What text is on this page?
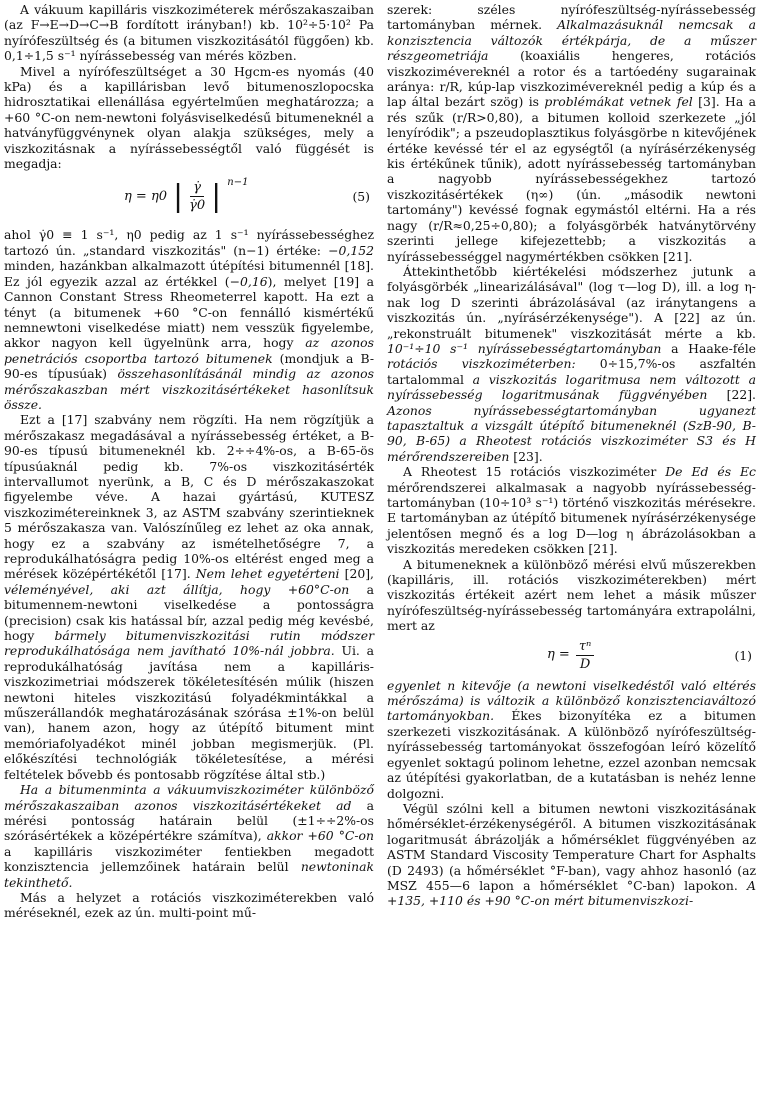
A vákuum kapilláris viszkoziméterek mérőszakaszaiban (az F→E→D→C→B fordított irányban!) kb. 10²÷5·10² Pa nyírófeszültség és (a bitumen viszkozitásától függően) kb. 0,1÷1,5 s⁻¹ nyírássebesség van mérés közben.

Mivel a nyírófeszültséget a 30 Hgcm-es nyomás (40 kPa) és a kapillárisban levő bitumenoszlopocska hidrosztatikai ellenállása egyértelműen meghatározza; a +60 °C-on nem-newtoni folyásviselkedésű bitumeneknél a hatványfüggvénynek olyan alakja szükséges, mely a viszkozitásnak a nyírássebességtől való függését is megadja:

η = η0 | $\frac{\gammȧ}{\gammȧ0}$ | $^{n-1}$
(5)

ahol γ̇0 ≡ 1 s⁻¹, η0 pedig az 1 s⁻¹ nyírássebességhez tartozó ún. „standard viszkozitás" (n−1) értéke: −0,152 minden, hazánkban alkalmazott útépítési bitumennél [18]. Ez jól egyezik azzal az értékkel (−0,16), melyet [19] a Cannon Constant Stress Rheometerrel kapott. Ha ezt a tényt (a bitumenek +60 °C-on fennálló kismértékű nemnewtoni viselkedése miatt) nem vesszük figyelembe, akkor nagyon kell ügyelnünk arra, hogy az azonos penetrációs csoportba tartozó bitumenek (mondjuk a B-90-es típusúak) összehasonlításánál mindig az azonos mérőszakaszban mért viszkozitásértékeket hasonlítsuk össze.

Ezt a [17] szabvány nem rögzíti. Ha nem rögzítjük a mérőszakasz megadásával a nyírássebesség értéket, a B-90-es típusú bitumeneknél kb. 2÷÷4%-os, a B-65-ös típusúaknál pedig kb. 7%-os viszkozitásérték intervallumot nyerünk, a B, C és D mérőszakaszokat figyelembe véve. A hazai gyártású, KUTESZ viszkoziméterei​nknek 3, az ASTM szabvány szerintieknek 5 mérőszakasza van. Valószínűleg ez lehet az oka annak, hogy ez a szabvány az ismételhetőségre 7, a reprodukálhatóságra pedig 10%-os eltérést enged meg a mérések középértékétől [17]. Nem lehet egyetérteni [20], véleményével, aki azt állítja, hogy +60°C-on a bitumennem-newtoni viselkedése a pontosságra (precision) csak kis hatással bír, azzal pedig még kevésbé, hogy bármely bitumenviszkozitási rutin módszer reprodukálhatósága nem javítható 10%-nál jobbra. Ui. a reprodukálhatóság javítása nem a kapilláris-viszkozimetriai módszerek tökéletesítésén múlik (hiszen newtoni hiteles viszkozitású folyadékmintákkal a műszerállandók meghatározásának szórása ±1%-on belül van), hanem azon, hogy az útépítő bitument mint memóriafolyadékot minél jobban megismerjük. (Pl. előkészítési technológiák tökéletesítése, a mérési feltételek bővebb és pontosabb rögzítése által stb.)

Ha a bitumenminta a vákuumviszkoziméter különböző mérőszakaszaiban azonos viszkozitásértékeket ad a mérési pontosság határain belül (±1÷÷2%-os szórásértékek a középértékre számítva), akkor +60 °C-on a kapilláris viszkoziméter fentiekben megadott konzisztencia jellemzőinek határain belül newtoninak tekinthető.

Más a helyzet a rotációs viszkoziméterekben való méréseknél, ezek az ún. multi-point mű-

szerek: széles nyírófeszültség-nyírássebesség tartományban mérnek. Alkalmazásuknál nemcsak a konzisztencia változók értékpárja, de a műszer részgeometriája (koaxiális hengeres, rotációs viszkozimévereknél a rotor és a tartóedény sugarainak aránya: r/R, kúp-lap viszkozimévereknél pedig a kúp és a lap által bezárt szög) is problémákat vetnek fel [3]. Ha a rés szűk (r/R>0,80), a bitumen kolloid szerkezete „jól lenyíródik"; a pszeudoplasztikus folyásgörbe n kitevőjének értéke kevéssé tér el az egységtől (a nyírásérzékenység kis értékűnek tűnik), adott nyírássebesség tartományban a nagyobb nyírássebességekhez tartozó viszkozitásértékek (η∞) (ún. „második newtoni tartomány") kevéssé fognak egymástól eltérni. Ha a rés nagy (r/R≈0,25÷0,80); a folyásgörbék hatványtörvény szerinti jellege kifejezettebb; a viszkozitás a nyírássebességgel nagymértékben csökken [21].

Áttekinthetőbb kiértékelési módszerhez jutunk a folyásgörbék „linearizálásával" (log τ—log D), ill. a log η-nak log D szerinti ábrázolásával (az iránytangens a viszkozitás ún. „nyírásérzékenysége"). A [22] az ún. „rekonstruált bitumenek" viszkozitását mérte a kb. 10⁻¹÷10 s⁻¹ nyírássebességtartományban a Haake-féle rotációs viszkoziméterben: 0÷15,7%-os aszfaltén tartalommal a viszkozitás logaritmusa nem változott a nyírássebesség logaritmusának függvényében [22]. Azonos nyírássebességtartományban ugyanezt tapasztaltuk a vizsgált útépítő bitumeneknél (SzB-90, B-90, B-65) a Rheotest rotációs viszkoziméter S3 és H mérőrendszereiben [23].

A Rheotest 15 rotációs viszkoziméter De Ed és Ec mérőrendszerei alkalmasak a nagyobb nyírássebesség-tartományban (10÷10³ s⁻¹) történő viszkozitás mérésekre. E tartományban az útépítő bitumenek nyírásérzékenysége jelentősen megnő és a log D—log η ábrázolásokban a viszkozitás meredeken csökken [21].

A bitumeneknek a különböző mérési elvű műszerekben (kapilláris, ill. rotációs viszkoziméterekben) mért viszkozitás értékeit azért nem lehet a másik műszer nyírófeszültség-nyírássebesség tartományára extrapolálni, mert az

$\eta = \frac{\text{τⁿ}}{D}$	(1)

egyenlet n kitevője (a newtoni viselkedéstől való eltérés mérőszáma) is változik a különböző konzisztenciaváltozó tartományokban. Ékes bizonyítéka ez a bitumen szerkezeti viszkozitásának. A különböző nyírófeszültség-nyírássebesség tartományokat összefogóan leíró közelítő egyenlet soktagú polinom lehetne, ezzel azonban nemcsak az útépítési gyakorlatban, de a kutatásban is nehéz lenne dolgozni.

Végül szólni kell a bitumen newtoni viszkozitásának hőmérséklet-érzékenységéről. A bitumen viszkozitásának logaritmusát ábrázolják a hőmérséklet függvényében az ASTM Standard Viscosity Temperature Chart for Asphalts (D 2493) (a hőmérséklet °F-ban), vagy ahhoz hasonló (az MSZ 455—6 lapon a hőmérséklet °C-ban) lapokon. A +135, +110 és +90 °C-on mért bitumenviszkozi-
